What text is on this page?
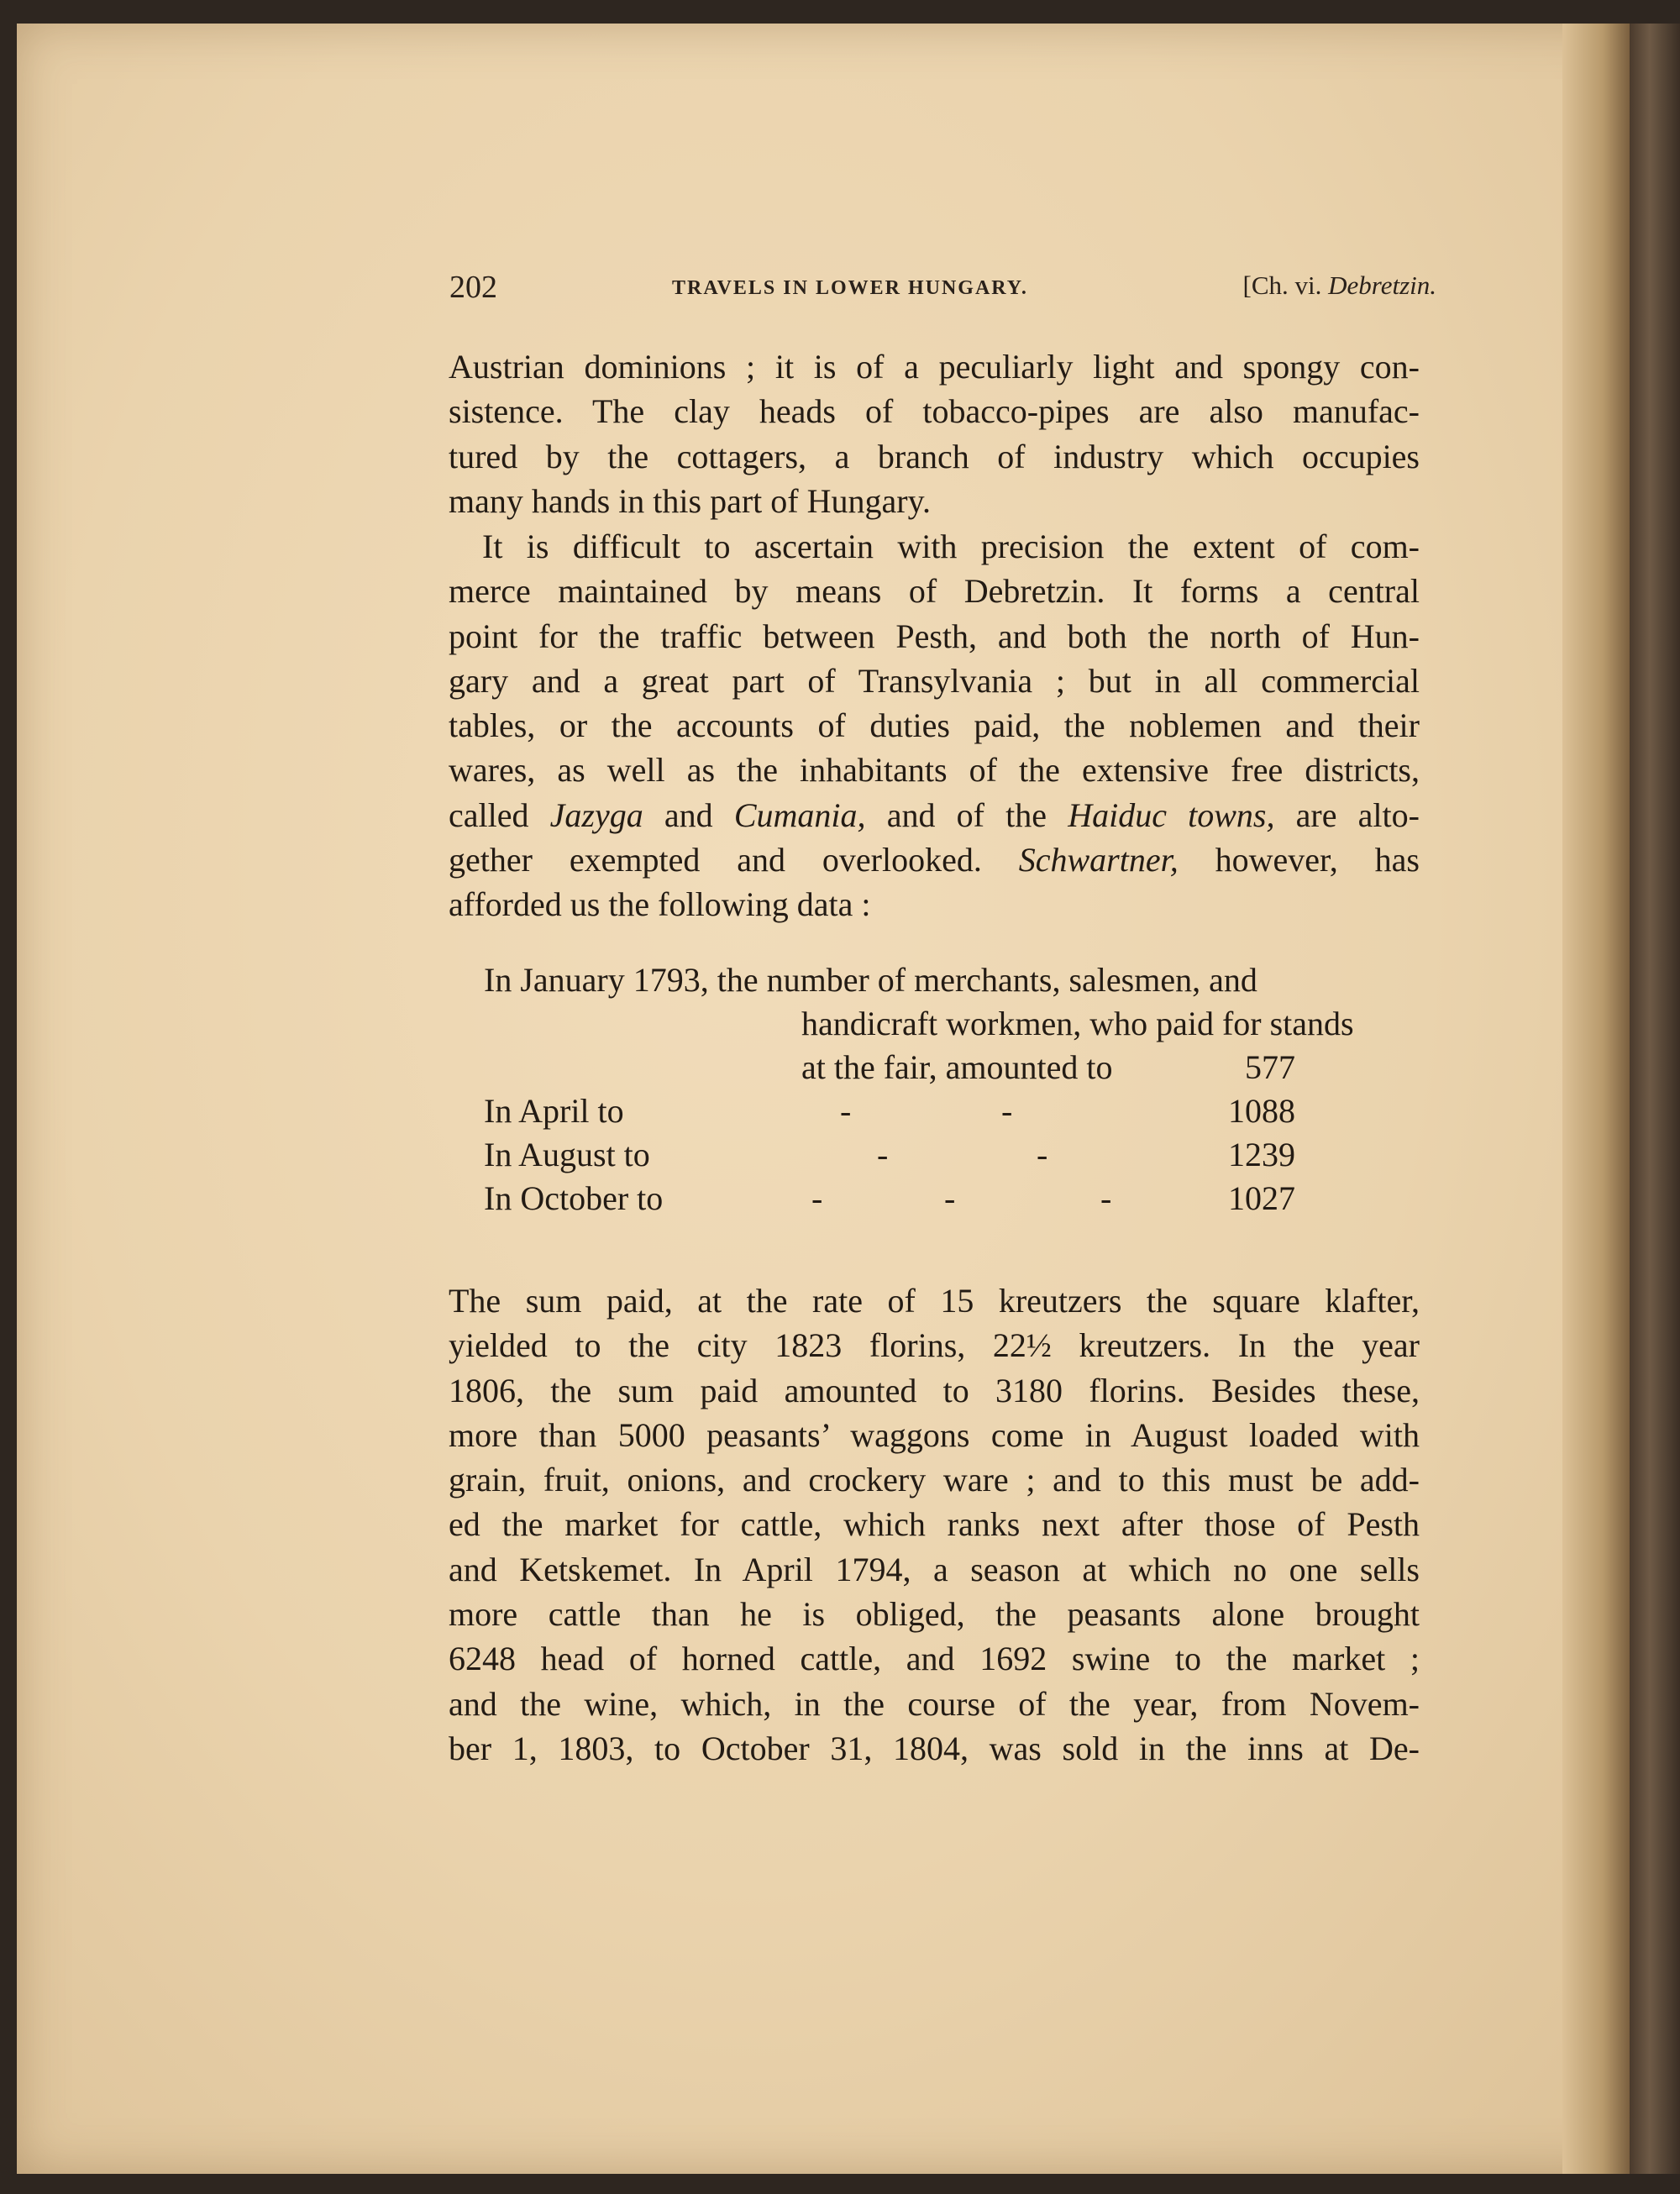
202	TRAVELS IN LOWER HUNGARY.	[Ch. vi. Debretzin.
Austrian dominions ; it is of a peculiarly light and spongy con-
sistence. The clay heads of tobacco-pipes are also manufac-
tured by the cottagers, a branch of industry which occupies
many hands in this part of Hungary.
It is difficult to ascertain with precision the extent of com-
merce maintained by means of Debretzin. It forms a central
point for the traffic between Pesth, and both the north of Hun-
gary and a great part of Transylvania ; but in all commercial
tables, or the accounts of duties paid, the noblemen and their
wares, as well as the inhabitants of the extensive free districts,
called Jazyga and Cumania, and of the Haiduc towns, are alto-
gether exempted and overlooked. Schwartner, however, has
afforded us the following data :
In January 1793, the number of merchants, salesmen, and
handicraft workmen, who paid for stands
at the fair, amounted to	577
In April to	-	-	1088
In August to	-	-	1239
In October to	-	-	-	1027
The sum paid, at the rate of 15 kreutzers the square klafter,
yielded to the city 1823 florins, 22½ kreutzers. In the year
1806, the sum paid amounted to 3180 florins. Besides these,
more than 5000 peasants’ waggons come in August loaded with
grain, fruit, onions, and crockery ware ; and to this must be add-
ed the market for cattle, which ranks next after those of Pesth
and Ketskemet. In April 1794, a season at which no one sells
more cattle than he is obliged, the peasants alone brought
6248 head of horned cattle, and 1692 swine to the market ;
and the wine, which, in the course of the year, from Novem-
ber 1, 1803, to October 31, 1804, was sold in the inns at De-
